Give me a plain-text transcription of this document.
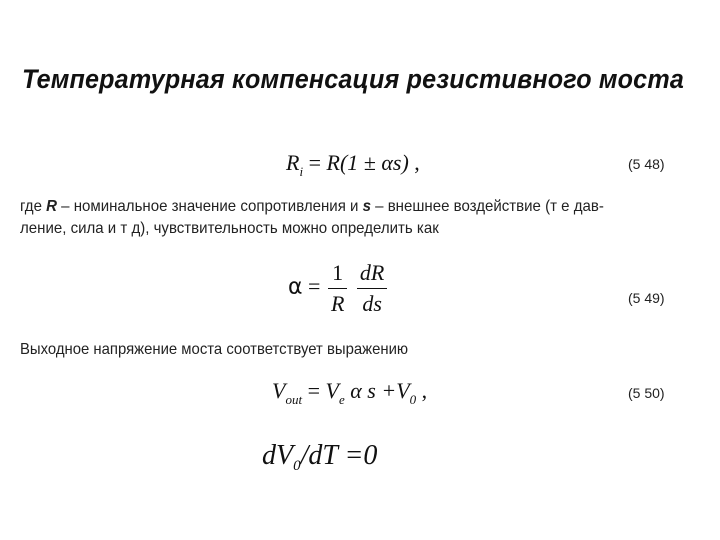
Температурная компенсация резистивного моста
$R_i = R(1 \pm \alpha s)$ ,	(5 48)
где R – номинальное значение сопротивления и s – внешнее воздействие (т е дав-
ление, сила и т д), чувствительность можно определить как
$\alpha = \frac{1}{R}$
$\frac{dR}{ds}$	(5 49)
Выходное напряжение моста соответствует выражению
$V_{out} = V_e$ α $s +V_0$ ,	(5 50)
$dV_0/dT =0$
